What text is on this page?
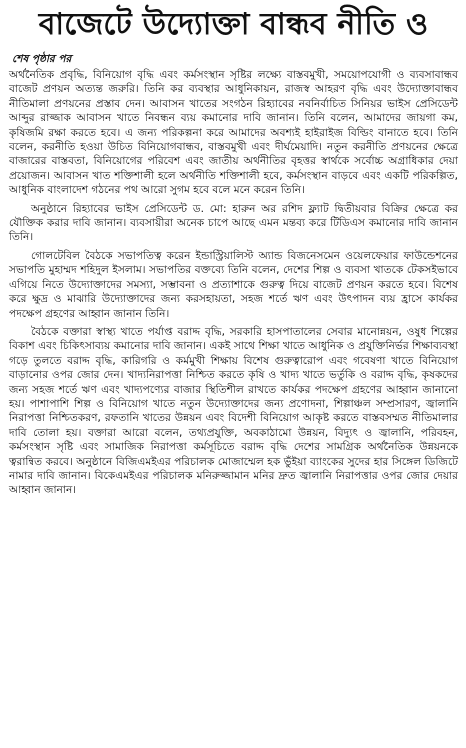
বাজেটে উদ্যোক্তা বান্ধব নীতি ও
শেষ পৃষ্ঠার পর

অর্থনৈতিক প্রবৃদ্ধি, বিনিয়োগ বৃদ্ধি এবং কর্মসংস্থান সৃষ্টির লক্ষ্যে বাস্তবমুখী, সময়োপযোগী ও ব্যবসাবান্ধব বাজেট প্রণয়ন অত্যন্ত জরুরি। তিনি কর ব্যবস্থার আধুনিকায়ন, রাজস্ব আহরণ বৃদ্ধি এবং উদ্যোক্তাবান্ধব নীতিমালা প্রণয়নের প্রস্তাব দেন। আবাসন খাতের সংগঠন রিহ্যাবের নবনির্বাচিত সিনিয়র ভাইস প্রেসিডেন্ট আব্দুর রাজ্জাক আবাসন খাতে নিবন্ধন ব্যয় কমানোর দাবি জানান। তিনি বলেন, আমাদের জায়গা কম, কৃষিজমি রক্ষা করতে হবে। এ জন্য পরিকল্পনা করে আমাদের অবশ্যই হাইরাইজ বিল্ডিং বানাতে হবে। তিনি বলেন, করনীতি হওয়া উচিত বিনিয়োগবান্ধব, বাস্তবমুখী এবং দীর্ঘমেয়াদি। নতুন করনীতি প্রণয়নের ক্ষেত্রে বাজারের বাস্তবতা, বিনিয়োগের পরিবেশ এবং জাতীয় অর্থনীতির বৃহত্তর স্বার্থকে সর্বোচ্চ অগ্রাধিকার দেয়া প্রয়োজন। আবাসন খাত শক্তিশালী হলে অর্থনীতি শক্তিশালী হবে, কর্মসংস্থান বাড়বে এবং একটি পরিকল্পিত, আধুনিক বাংলাদেশ গঠনের পথ আরো সুগম হবে বলে মনে করেন তিনি।

অনুষ্ঠানে রিহ্যাবের ভাইস প্রেসিডেন্ট ড. মো: হারুন অর রশিদ ফ্ল্যাট দ্বিতীয়বার বিক্রির ক্ষেত্রে কর যৌক্তিক করার দাবি জানান। ব্যবসায়ীরা অনেক চাপে আছে এমন মন্তব্য করে টিডিএস কমানোর দাবি জানান তিনি।

গোলটেবিল বৈঠকে সভাপতিত্ব করেন ইন্ডাস্ট্রিয়ালিস্ট অ্যান্ড বিজনেসমেন ওয়েলফেয়ার ফাউন্ডেশনের সভাপতি মুহাম্মদ শহিদুল ইসলাম। সভাপতির বক্তব্যে তিনি বলেন, দেশের শিল্প ও ব্যবসা খাতকে টেকসইভাবে এগিয়ে নিতে উদ্যোক্তাদের সমস্যা, সম্ভাবনা ও প্রত্যাশাকে গুরুত্ব দিয়ে বাজেট প্রণয়ন করতে হবে। বিশেষ করে ক্ষুদ্র ও মাঝারি উদ্যোক্তাদের জন্য করসহায়তা, সহজ শর্তে ঋণ এবং উৎপাদন ব্যয় হ্রাসে কার্যকর পদক্ষেপ গ্রহণের আহ্বান জানান তিনি।

বৈঠকে বক্তারা স্বাস্থ্য খাতে পর্যাপ্ত বরাদ্দ বৃদ্ধি, সরকারি হাসপাতালের সেবার মানোন্নয়ন, ওষুধ শিল্পের বিকাশ এবং চিকিৎসাব্যয় কমানোর দাবি জানান। একই সাথে শিক্ষা খাতে আধুনিক ও প্রযুক্তিনির্ভর শিক্ষাব্যবস্থা গড়ে তুলতে বরাদ্দ বৃদ্ধি, কারিগরি ও কর্মমুখী শিক্ষায় বিশেষ গুরুত্বারোপ এবং গবেষণা খাতে বিনিয়োগ বাড়ানোর ওপর জোর দেন। খাদ্যনিরাপত্তা নিশ্চিত করতে কৃষি ও খাদ্য খাতে ভর্তুকি ও বরাদ্দ বৃদ্ধি, কৃষকদের জন্য সহজ শর্তে ঋণ এবং খাদ্যপণ্যের বাজার স্থিতিশীল রাখতে কার্যকর পদক্ষেপ গ্রহণের আহ্বান জানানো হয়। পাশাপাশি শিল্প ও বিনিয়োগ খাতে নতুন উদ্যোক্তাদের জন্য প্রণোদনা, শিল্পাঞ্চল সম্প্রসারণ, জ্বালানি নিরাপত্তা নিশ্চিতকরণ, রফতানি খাতের উন্নয়ন এবং বিদেশী বিনিয়োগ আকৃষ্ট করতে বাস্তবসম্মত নীতিমালার দাবি তোলা হয়। বক্তারা আরো বলেন, তথ্যপ্রযুক্তি, অবকাঠামো উন্নয়ন, বিদ্যুৎ ও জ্বালানি, পরিবহন, কর্মসংস্থান সৃষ্টি এবং সামাজিক নিরাপত্তা কর্মসূচিতে বরাদ্দ বৃদ্ধি দেশের সামগ্রিক অর্থনৈতিক উন্নয়নকে ত্বরান্বিত করবে। অনুষ্ঠানে বিজিএমইএর পরিচালক মোজাম্মেল হক ভুঁইয়া ব্যাংকের সুদের হার সিঙ্গেল ডিজিটে নামার দাবি জানান। বিকেএমইএর পরিচালক মনিরুজ্জামান মনির দ্রুত জ্বালানি নিরাপত্তার ওপর জোর দেয়ার আহ্বান জানান।
